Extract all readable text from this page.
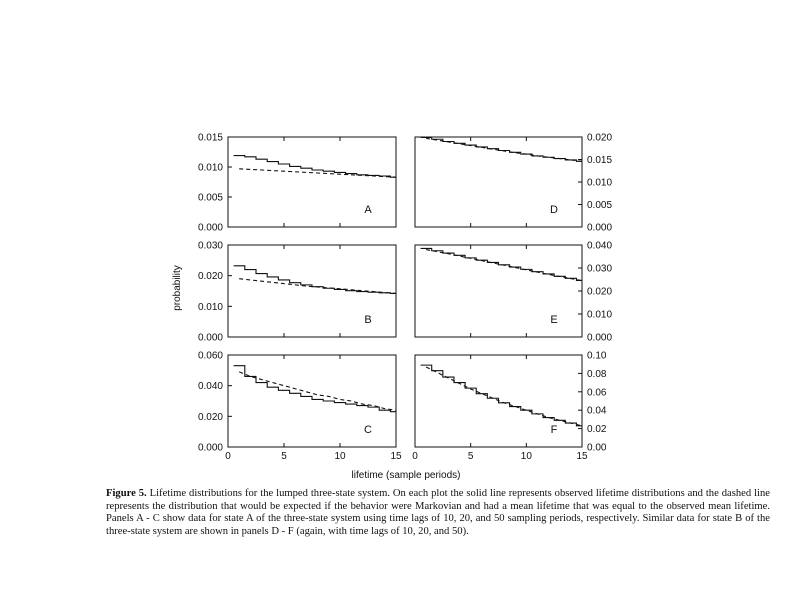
0.000
0.005
0.010
0.015
A
0.000
0.010
0.020
0.030
B
0	5	10	15
0.000
0.020
0.040
0.060
C
0.000
0.005
0.010
0.015
0.020
D
0.000
0.010
0.020
0.030
0.040
E
0	5	10	15
0.00
0.02
0.04
0.06
0.08
0.10
F
probability
lifetime (sample periods)
Figure 5. Lifetime distributions for the lumped three-state system. On each plot the solid line represents observed lifetime distributions and the dashed line represents the distribution that would be expected if the behavior were Markovian and had a mean lifetime that was equal to the observed mean lifetime. Panels A - C show data for state A of the three-state system using time lags of 10, 20, and 50 sampling periods, respectively. Similar data for state B of the three-state system are shown in panels D - F (again, with time lags of 10, 20, and 50).
